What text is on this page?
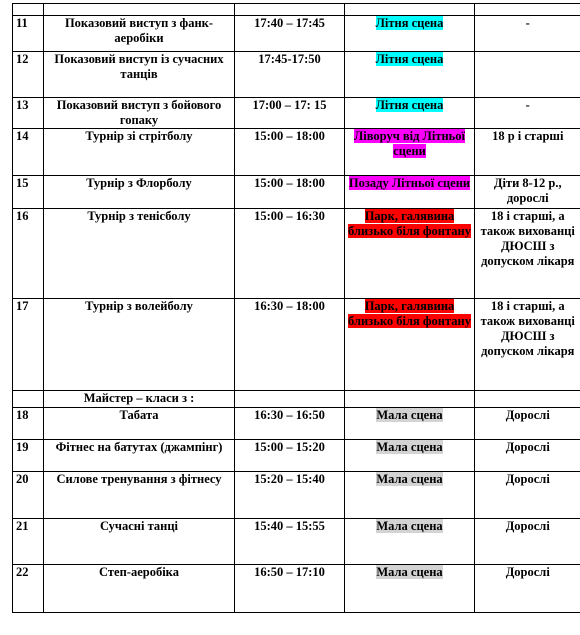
11	Показовий виступ з фанк-аеробіки	17:40 – 17:45	Літня сцена	-
12	Показовий виступ із сучасних танців	17:45-17:50	Літня сцена	
13	Показовий виступ з бойового гопаку	17:00 – 17: 15	Літня сцена	-
14	Турнір зі стрітболу	15:00 – 18:00	Ліворуч від Літньої сцени	18 р і старші
15	Турнір з Флорболу	15:00 – 18:00	Позаду Літньої сцени	Діти 8-12 р., дорослі
16	Турнір з тенісболу	15:00 – 16:30	Парк, галявина близько біля фонтану	18 і старші, а також вихованці ДЮСШ з допуском лікаря
17	Турнір з волейболу	16:30 – 18:00	Парк, галявина близько біля фонтану	18 і старші, а також вихованці ДЮСШ з допуском лікаря
	Майстер – класи з :			
18	Табата	16:30 – 16:50	Мала сцена	Дорослі
19	Фітнес на батутах (джампінг)	15:00 – 15:20	Мала сцена	Дорослі
20	Силове тренування з фітнесу	15:20 – 15:40	Мала сцена	Дорослі
21	Сучасні танці	15:40 – 15:55	Мала сцена	Дорослі
22	Степ-аеробіка	16:50 – 17:10	Мала сцена	Дорослі
